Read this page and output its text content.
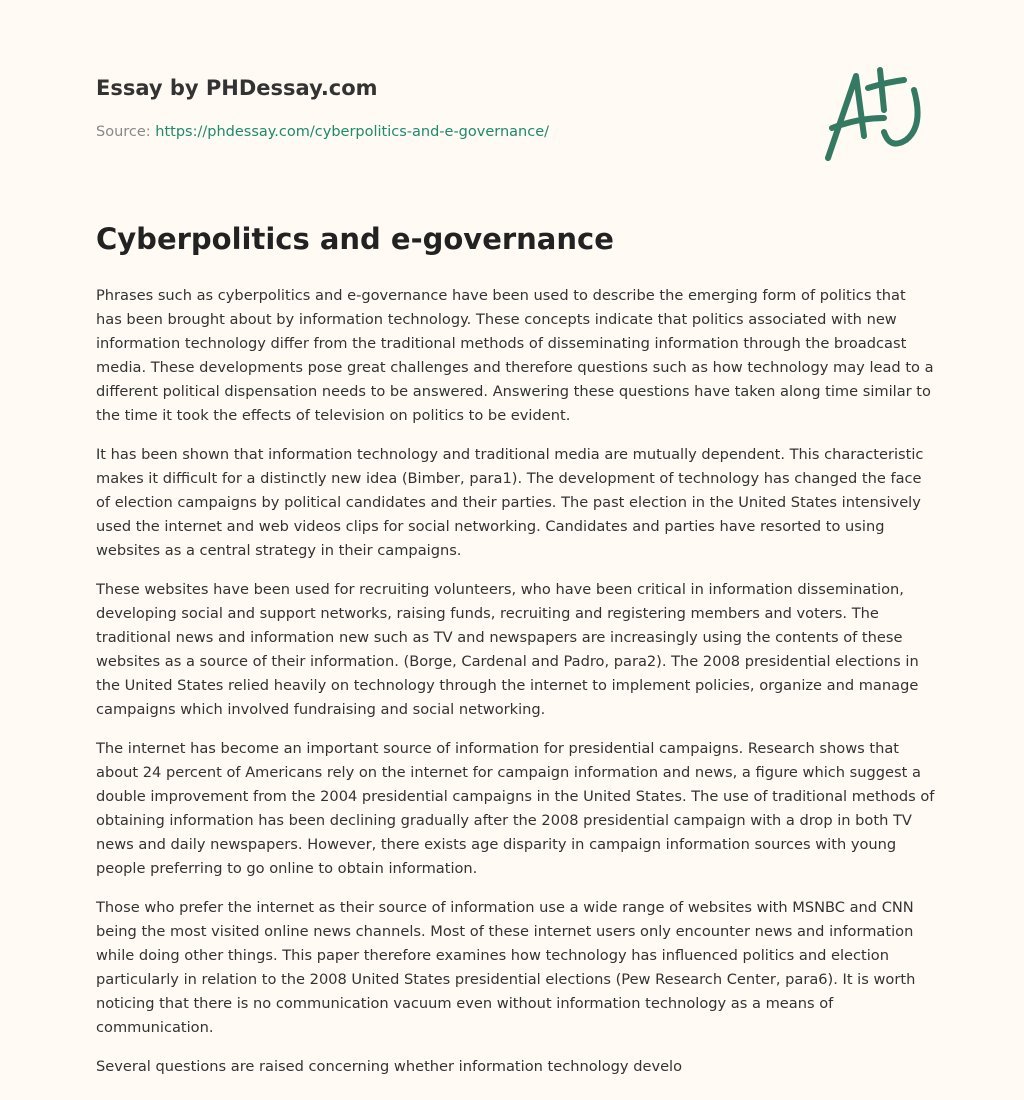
Essay by PHDessay.com
Source: https://phdessay.com/cyberpolitics-and-e-governance/
Cyberpolitics and e-governance

Phrases such as cyberpolitics and e-governance have been used to describe the emerging form of politics that has been brought about by information technology. These concepts indicate that politics associated with new information technology differ from the traditional methods of disseminating information through the broadcast media. These developments pose great challenges and therefore questions such as how technology may lead to a different political dispensation needs to be answered. Answering these questions have taken along time similar to the time it took the effects of television on politics to be evident.

It has been shown that information technology and traditional media are mutually dependent. This characteristic makes it difficult for a distinctly new idea (Bimber, para1). The development of technology has changed the face of election campaigns by political candidates and their parties. The past election in the United States intensively used the internet and web videos clips for social networking. Candidates and parties have resorted to using websites as a central strategy in their campaigns.

These websites have been used for recruiting volunteers, who have been critical in information dissemination, developing social and support networks, raising funds, recruiting and registering members and voters. The traditional news and information new such as TV and newspapers are increasingly using the contents of these websites as a source of their information. (Borge, Cardenal and Padro, para2). The 2008 presidential elections in the United States relied heavily on technology through the internet to implement policies, organize and manage campaigns which involved fundraising and social networking.

The internet has become an important source of information for presidential campaigns. Research shows that about 24 percent of Americans rely on the internet for campaign information and news, a figure which suggest a double improvement from the 2004 presidential campaigns in the United States. The use of traditional methods of obtaining information has been declining gradually after the 2008 presidential campaign with a drop in both TV news and daily newspapers. However, there exists age disparity in campaign information sources with young people preferring to go online to obtain information.

Those who prefer the internet as their source of information use a wide range of websites with MSNBC and CNN being the most visited online news channels. Most of these internet users only encounter news and information while doing other things. This paper therefore examines how technology has influenced politics and election particularly in relation to the 2008 United States presidential elections (Pew Research Center, para6). It is worth noticing that there is no communication vacuum even without information technology as a means of communication.

Several questions are raised concerning whether information technology develo
